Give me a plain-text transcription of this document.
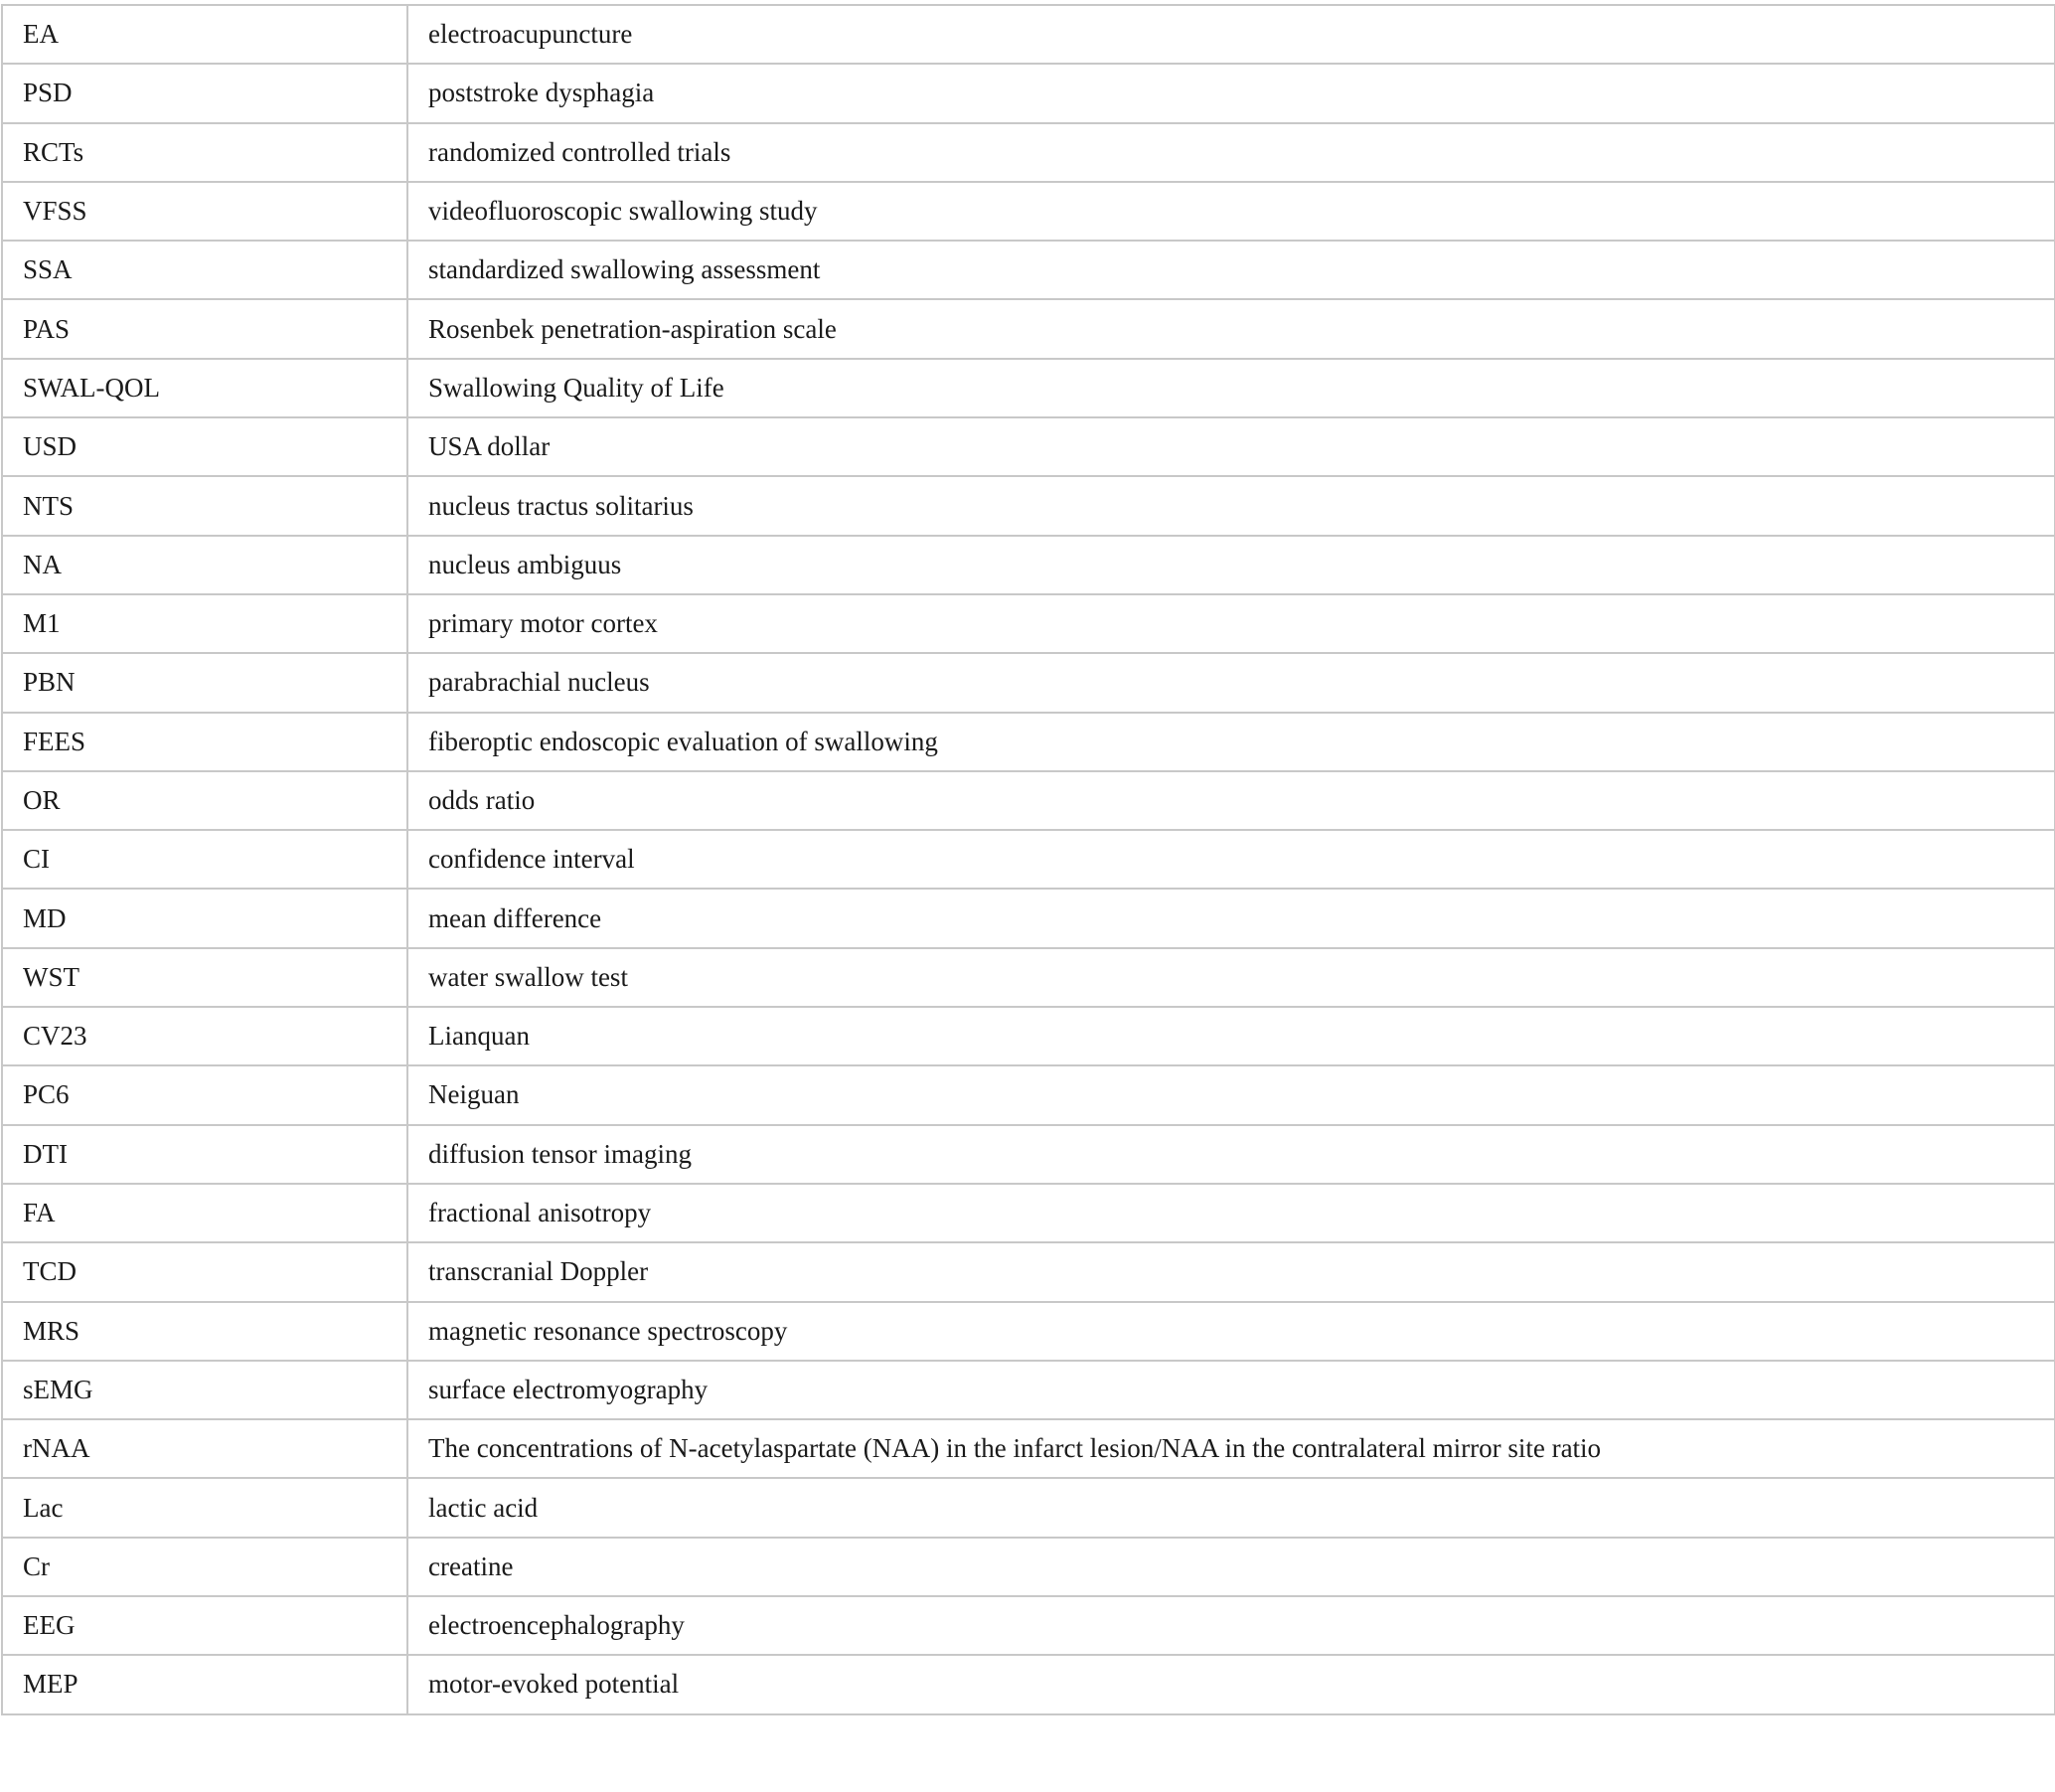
EA	electroacupuncture
PSD	poststroke dysphagia
RCTs	randomized controlled trials
VFSS	videofluoroscopic swallowing study
SSA	standardized swallowing assessment
PAS	Rosenbek penetration-aspiration scale
SWAL-QOL	Swallowing Quality of Life
USD	USA dollar
NTS	nucleus tractus solitarius
NA	nucleus ambiguus
M1	primary motor cortex
PBN	parabrachial nucleus
FEES	fiberoptic endoscopic evaluation of swallowing
OR	odds ratio
CI	confidence interval
MD	mean difference
WST	water swallow test
CV23	Lianquan
PC6	Neiguan
DTI	diffusion tensor imaging
FA	fractional anisotropy
TCD	transcranial Doppler
MRS	magnetic resonance spectroscopy
sEMG	surface electromyography
rNAA	The concentrations of N-acetylaspartate (NAA) in the infarct lesion/NAA in the contralateral mirror site ratio
Lac	lactic acid
Cr	creatine
EEG	electroencephalography
MEP	motor-evoked potential
